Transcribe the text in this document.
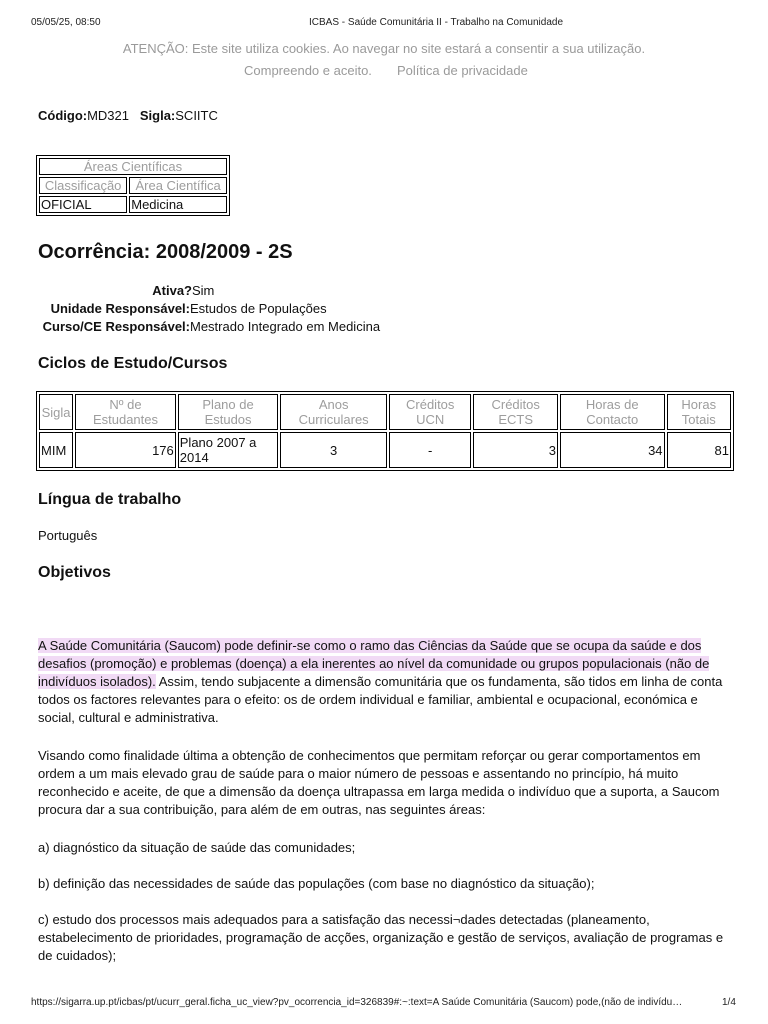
05/05/25, 08:50	ICBAS - Saúde Comunitária II - Trabalho na Comunidade
ATENÇÃO: Este site utiliza cookies. Ao navegar no site estará a consentir a sua utilização.
Compreendo e aceito. Política de privacidade
Código:MD321 Sigla:SCIITC
Áreas Científicas	
Classificação	Área Científica
OFICIAL	Medicina
Ocorrência: 2008/2009 - 2S
Ativa? Sim
Unidade Responsável: Estudos de Populações
Curso/CE Responsável: Mestrado Integrado em Medicina
Ciclos de Estudo/Cursos
Sigla	Nº de Estudantes	Plano de Estudos	Anos Curriculares	Créditos UCN	Créditos ECTS	Horas de Contacto	Horas Totais
MIM	176	Plano 2007 a 2014	3	-	3	34	81
Língua de trabalho
Português
Objetivos
A Saúde Comunitária (Saucom) pode definir-se como o ramo das Ciências da Saúde que se ocupa da saúde e dos desafios (promoção) e problemas (doença) a ela inerentes ao nível da comunidade ou grupos populacionais (não de indivíduos isolados). Assim, tendo subjacente a dimensão comunitária que os fundamenta, são tidos em linha de conta todos os factores relevantes para o efeito: os de ordem individual e familiar, ambiental e ocupacional, económica e social, cultural e administrativa.
Visando como finalidade última a obtenção de conhecimentos que permitam reforçar ou gerar comportamentos em ordem a um mais elevado grau de saúde para o maior número de pessoas e assentando no princípio, há muito reconhecido e aceite, de que a dimensão da doença ultrapassa em larga medida o indivíduo que a suporta, a Saucom procura dar a sua contribuição, para além de em outras, nas seguintes áreas:
a) diagnóstico da situação de saúde das comunidades;
b) definição das necessidades de saúde das populações (com base no diagnóstico da situação);
c) estudo dos processos mais adequados para a satisfação das necessi¬dades detectadas (planeamento, estabelecimento de prioridades, programação de acções, organização e gestão de serviços, avaliação de programas e de cuidados);
https://sigarra.up.pt/icbas/pt/ucurr_geral.ficha_uc_view?pv_ocorrencia_id=326839#:~:text=A Saúde Comunitária (Saucom) pode,(não de indivídu…	1/4
